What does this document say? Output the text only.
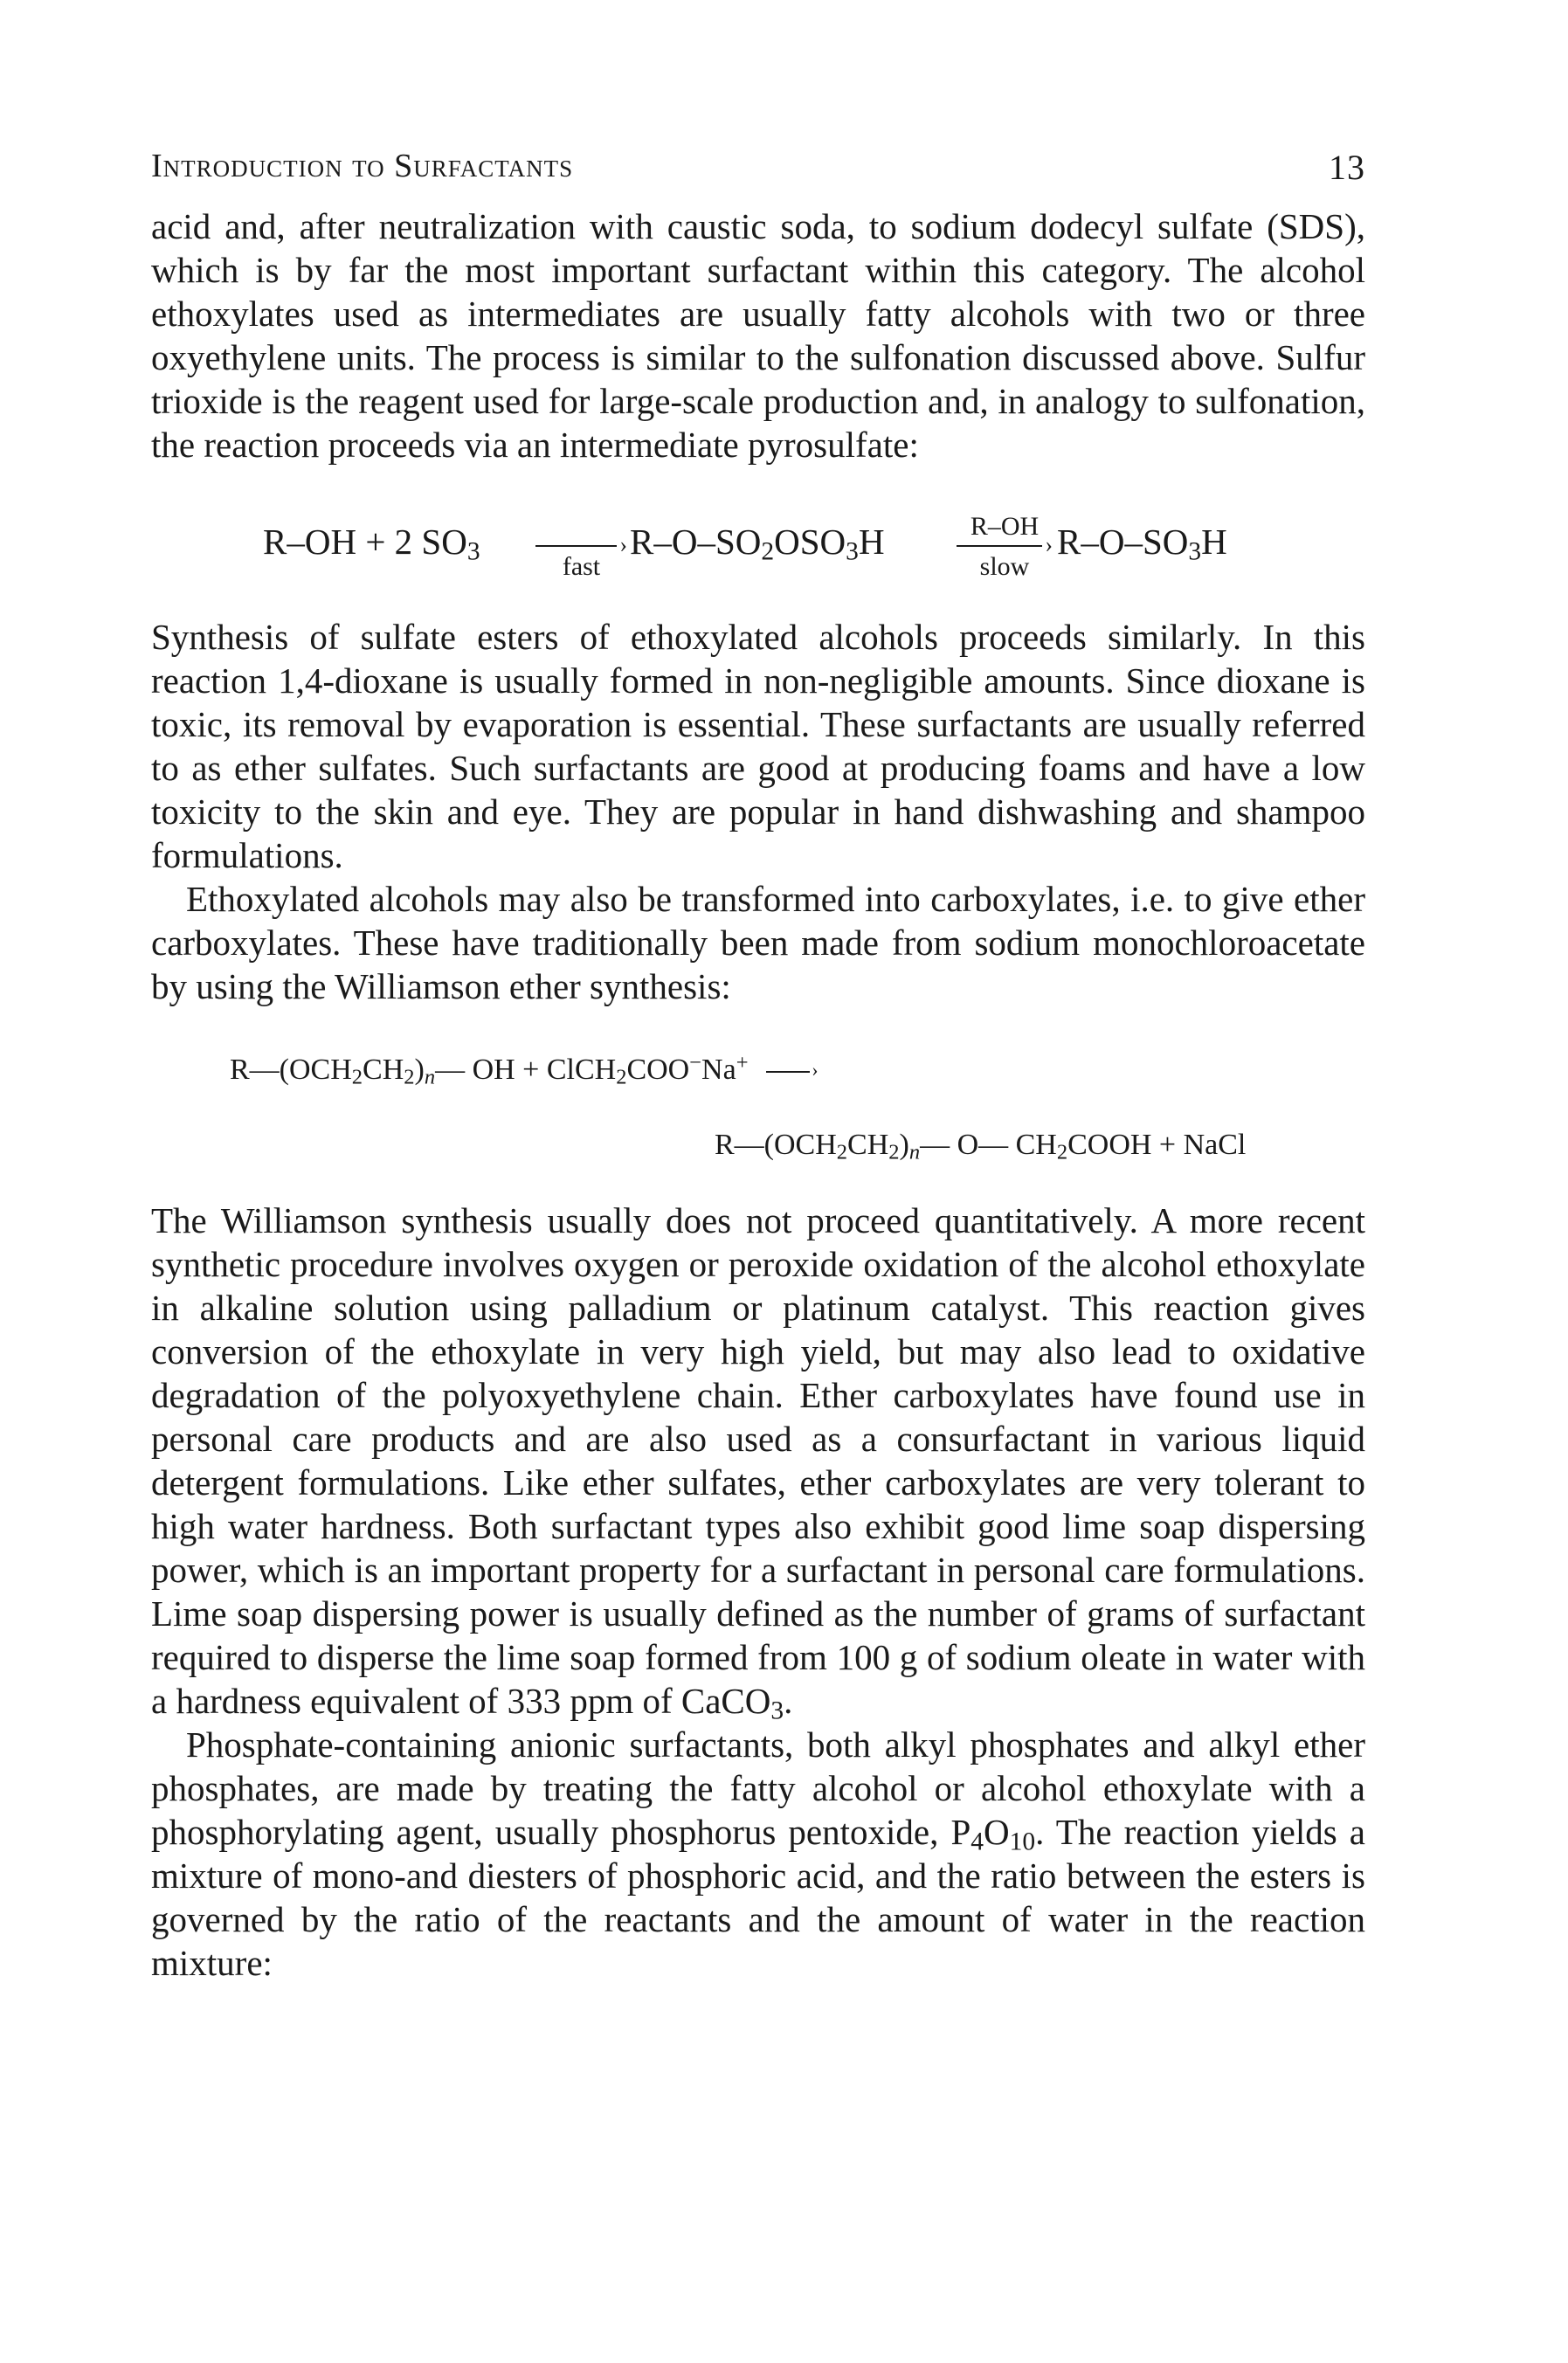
Introduction to Surfactants	13

acid and, after neutralization with caustic soda, to sodium dodecyl sulfate (SDS), which is by far the most important surfactant within this category. The alcohol ethoxylates used as intermediates are usually fatty alcohols with two or three oxyethylene units. The process is similar to the sulfonation discussed above. Sulfur trioxide is the reagent used for large-scale production and, in analogy to sulfonation, the reaction proceeds via an intermediate pyrosulfate:

R–OH + 2 $SO_3$	›
fast
$R-O-SO_2OSO_3H$	R–OH
›
slow
$R-O-SO_3H$

Synthesis of sulfate esters of ethoxylated alcohols proceeds similarly. In this reaction 1,4-dioxane is usually formed in non-negligible amounts. Since dioxane is toxic, its removal by evaporation is essential. These surfactants are usually referred to as ether sulfates. Such surfactants are good at producing foams and have a low toxicity to the skin and eye. They are popular in hand dishwashing and shampoo formulations.

Ethoxylated alcohols may also be transformed into carboxylates, i.e. to give ether carboxylates. These have traditionally been made from sodium monochloroacetate by using the Williamson ether synthesis:

$R—(OCH_2CH_2)_n—$ OH + ClCH$_2$COO−Na+	›
$R—(OCH_2CH_2)_n—$ O— $CH_2COOH$ + NaCl

The Williamson synthesis usually does not proceed quantitatively. A more recent synthetic procedure involves oxygen or peroxide oxidation of the alcohol ethoxylate in alkaline solution using palladium or platinum catalyst. This reaction gives conversion of the ethoxylate in very high yield, but may also lead to oxidative degradation of the polyoxyethylene chain. Ether carboxylates have found use in personal care products and are also used as a consurfactant in various liquid detergent formulations. Like ether sulfates, ether carboxylates are very tolerant to high water hardness. Both surfactant types also exhibit good lime soap dispersing power, which is an important property for a surfactant in personal care formulations. Lime soap dispersing power is usually defined as the number of grams of surfactant required to disperse the lime soap formed from 100 g of sodium oleate in water with a hardness equivalent of 333 ppm of CaCO$_3$.

Phosphate-containing anionic surfactants, both alkyl phosphates and alkyl ether phosphates, are made by treating the fatty alcohol or alcohol ethoxylate with a phosphorylating agent, usually phosphorus pentoxide, $P_4O_{10}$. The reaction yields a mixture of mono-and diesters of phosphoric acid, and the ratio between the esters is governed by the ratio of the reactants and the amount of water in the reaction mixture:
